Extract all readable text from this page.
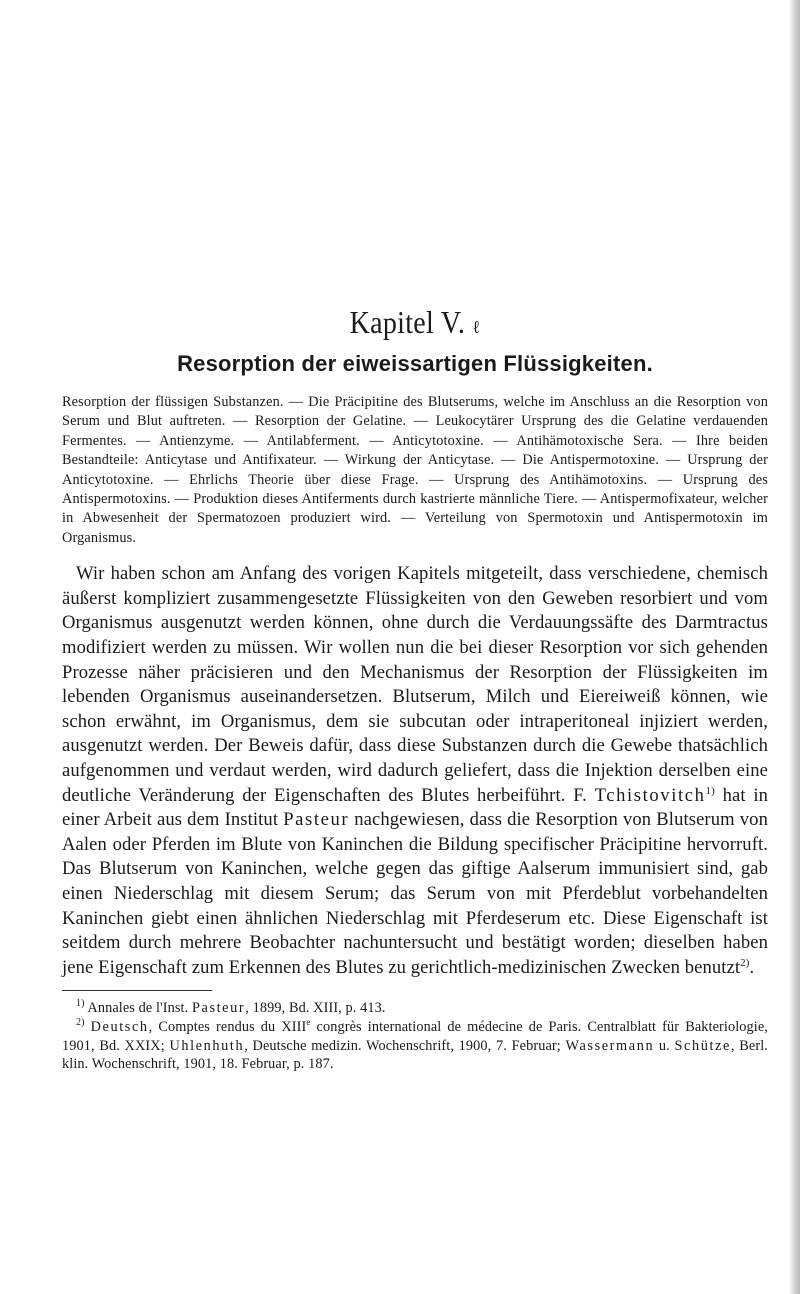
Kapitel V. ℓ
Resorption der eiweissartigen Flüssigkeiten.

Resorption der flüssigen Substanzen. — Die Präcipitine des Blutserums, welche im Anschluss an die Resorption von Serum und Blut auftreten. — Resorption der Gelatine. — Leukocytärer Ursprung des die Gelatine verdauenden Fermentes. — Antienzyme. — Antilabferment. — Anticytotoxine. — Antihämotoxische Sera. — Ihre beiden Bestandteile: Anticytase und Antifixateur. — Wirkung der Anticytase. — Die Antispermotoxine. — Ursprung der Anticytotoxine. — Ehrlichs Theorie über diese Frage. — Ursprung des Antihämotoxins. — Ursprung des Antispermotoxins. — Produktion dieses Antiferments durch kastrierte männliche Tiere. — Antispermofixateur, welcher in Abwesenheit der Spermatozoen produziert wird. — Verteilung von Spermotoxin und Antispermotoxin im Organismus.

Wir haben schon am Anfang des vorigen Kapitels mitgeteilt, dass verschiedene, chemisch äußerst kompliziert zusammengesetzte Flüssigkeiten von den Geweben resorbiert und vom Organismus ausgenutzt werden können, ohne durch die Verdauungssäfte des Darmtractus modifiziert werden zu müssen. Wir wollen nun die bei dieser Resorption vor sich gehenden Prozesse näher präcisieren und den Mechanismus der Resorption der Flüssigkeiten im lebenden Organismus auseinandersetzen. Blutserum, Milch und Eiereiweiß können, wie schon erwähnt, im Organismus, dem sie subcutan oder intraperitoneal injiziert werden, ausgenutzt werden. Der Beweis dafür, dass diese Substanzen durch die Gewebe thatsächlich aufgenommen und verdaut werden, wird dadurch geliefert, dass die Injektion derselben eine deutliche Veränderung der Eigenschaften des Blutes herbeiführt. F. Tchistovitch$^{1)}$ hat in einer Arbeit aus dem Institut Pasteur nachgewiesen, dass die Resorption von Blutserum von Aalen oder Pferden im Blute von Kaninchen die Bildung specifischer Präcipitine hervorruft. Das Blutserum von Kaninchen, welche gegen das giftige Aalserum immunisiert sind, gab einen Niederschlag mit diesem Serum; das Serum von mit Pferdeblut vorbehandelten Kaninchen giebt einen ähnlichen Niederschlag mit Pferdeserum etc. Diese Eigenschaft ist seitdem durch mehrere Beobachter nachuntersucht und bestätigt worden; dieselben haben jene Eigenschaft zum Erkennen des Blutes zu gerichtlich-medizinischen Zwecken benutzt$^{2)}$.

$^{1)}$ Annales de l'Inst. Pasteur, 1899, Bd. XIII, p. 413.

$^{2)}$ Deutsch, Comptes rendus du XIIIe congrès international de médecine de Paris. Centralblatt für Bakteriologie, 1901, Bd. XXIX; Uhlenhuth, Deutsche medizin. Wochenschrift, 1900, 7. Februar; Wassermann u. Schütze, Berl. klin. Wochenschrift, 1901, 18. Februar, p. 187.
